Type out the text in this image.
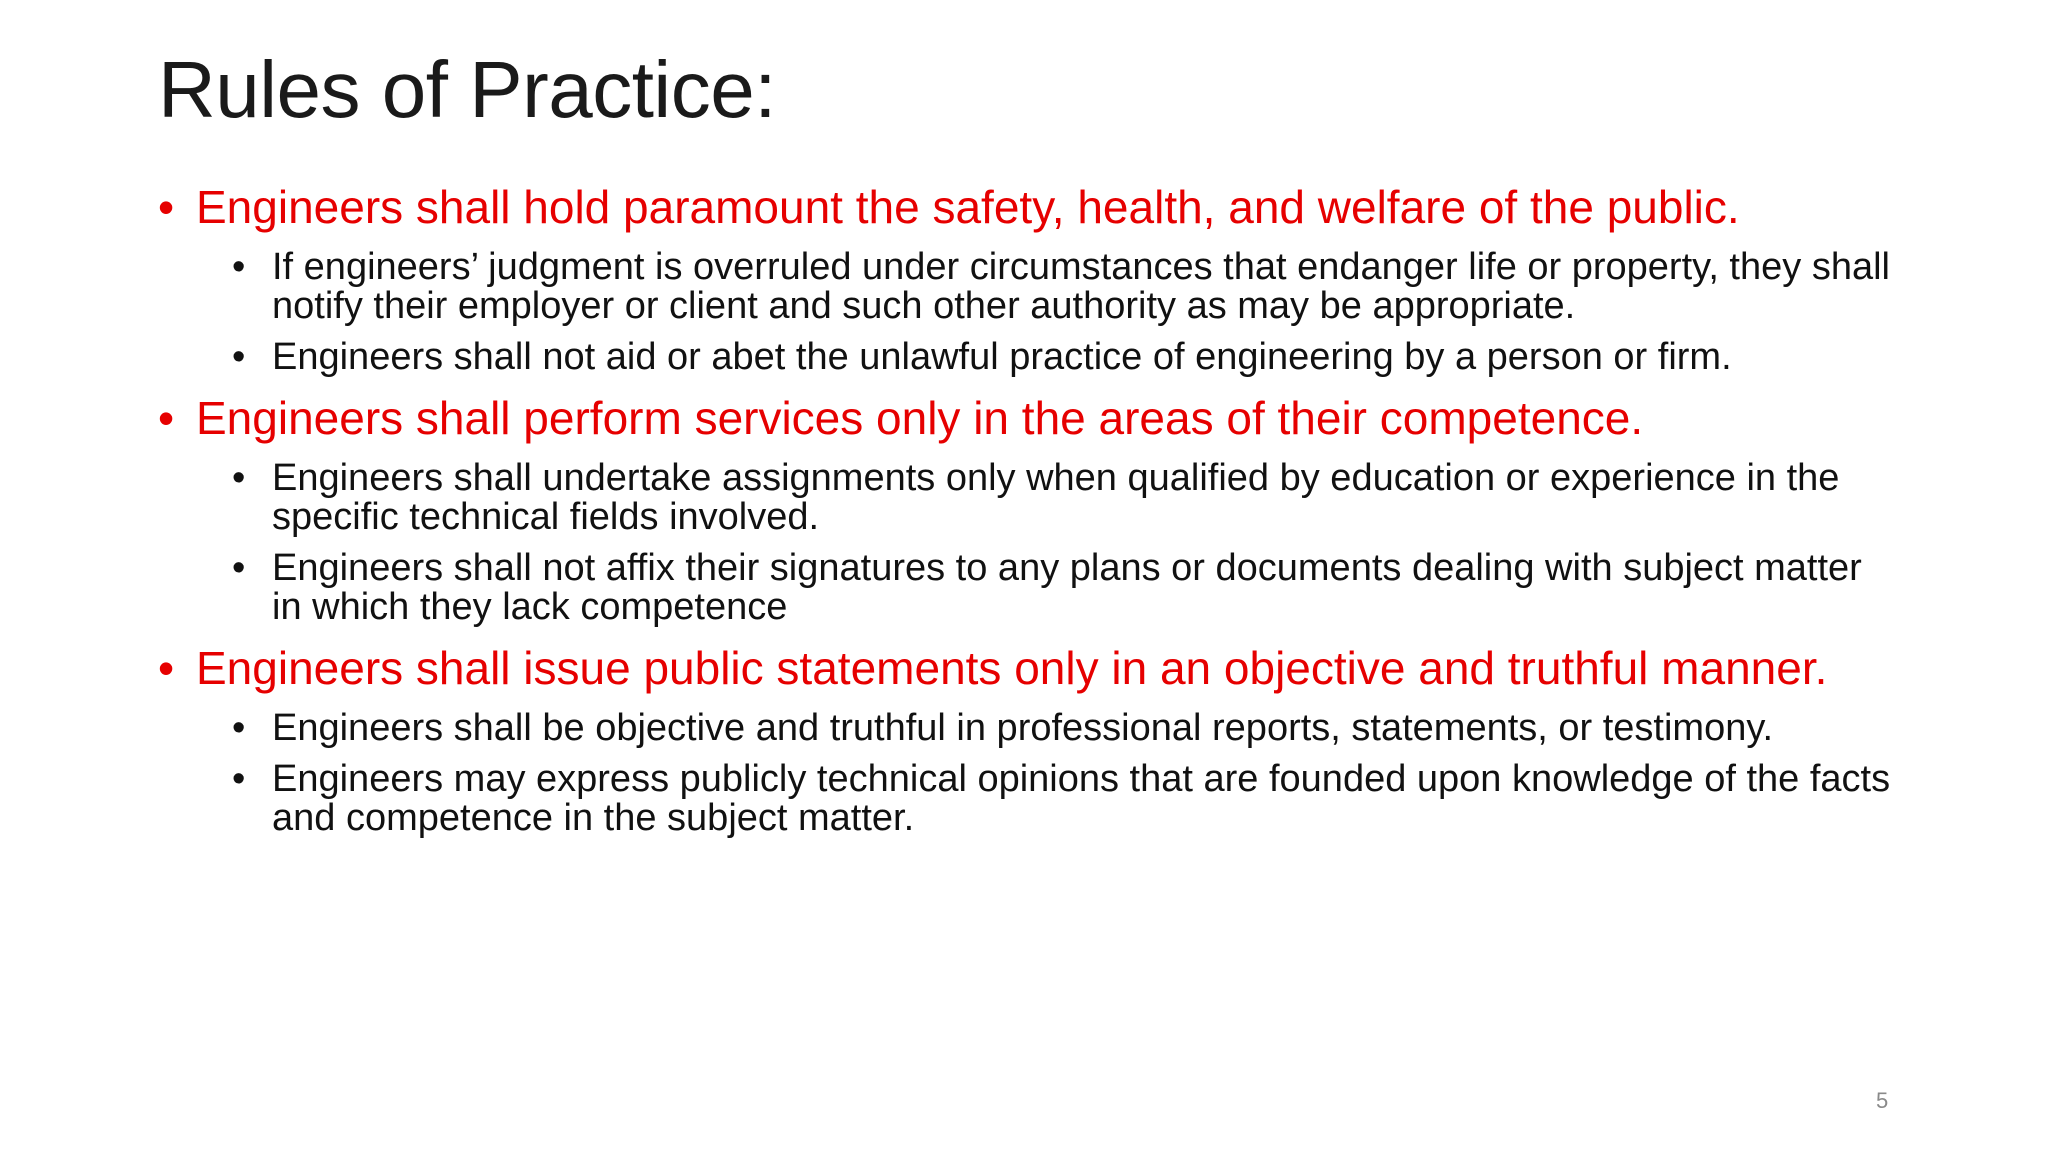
Rules of Practice:
• Engineers shall hold paramount the safety, health, and welfare of the public.
• If engineers’ judgment is overruled under circumstances that endanger life or property, they shall notify their employer or client and such other authority as may be appropriate.
• Engineers shall not aid or abet the unlawful practice of engineering by a person or firm.
• Engineers shall perform services only in the areas of their competence.
• Engineers shall undertake assignments only when qualified by education or experience in the specific technical fields involved.
• Engineers shall not affix their signatures to any plans or documents dealing with subject matter in which they lack competence
• Engineers shall issue public statements only in an objective and truthful manner.
• Engineers shall be objective and truthful in professional reports, statements, or testimony.
• Engineers may express publicly technical opinions that are founded upon knowledge of the facts and competence in the subject matter.
5
